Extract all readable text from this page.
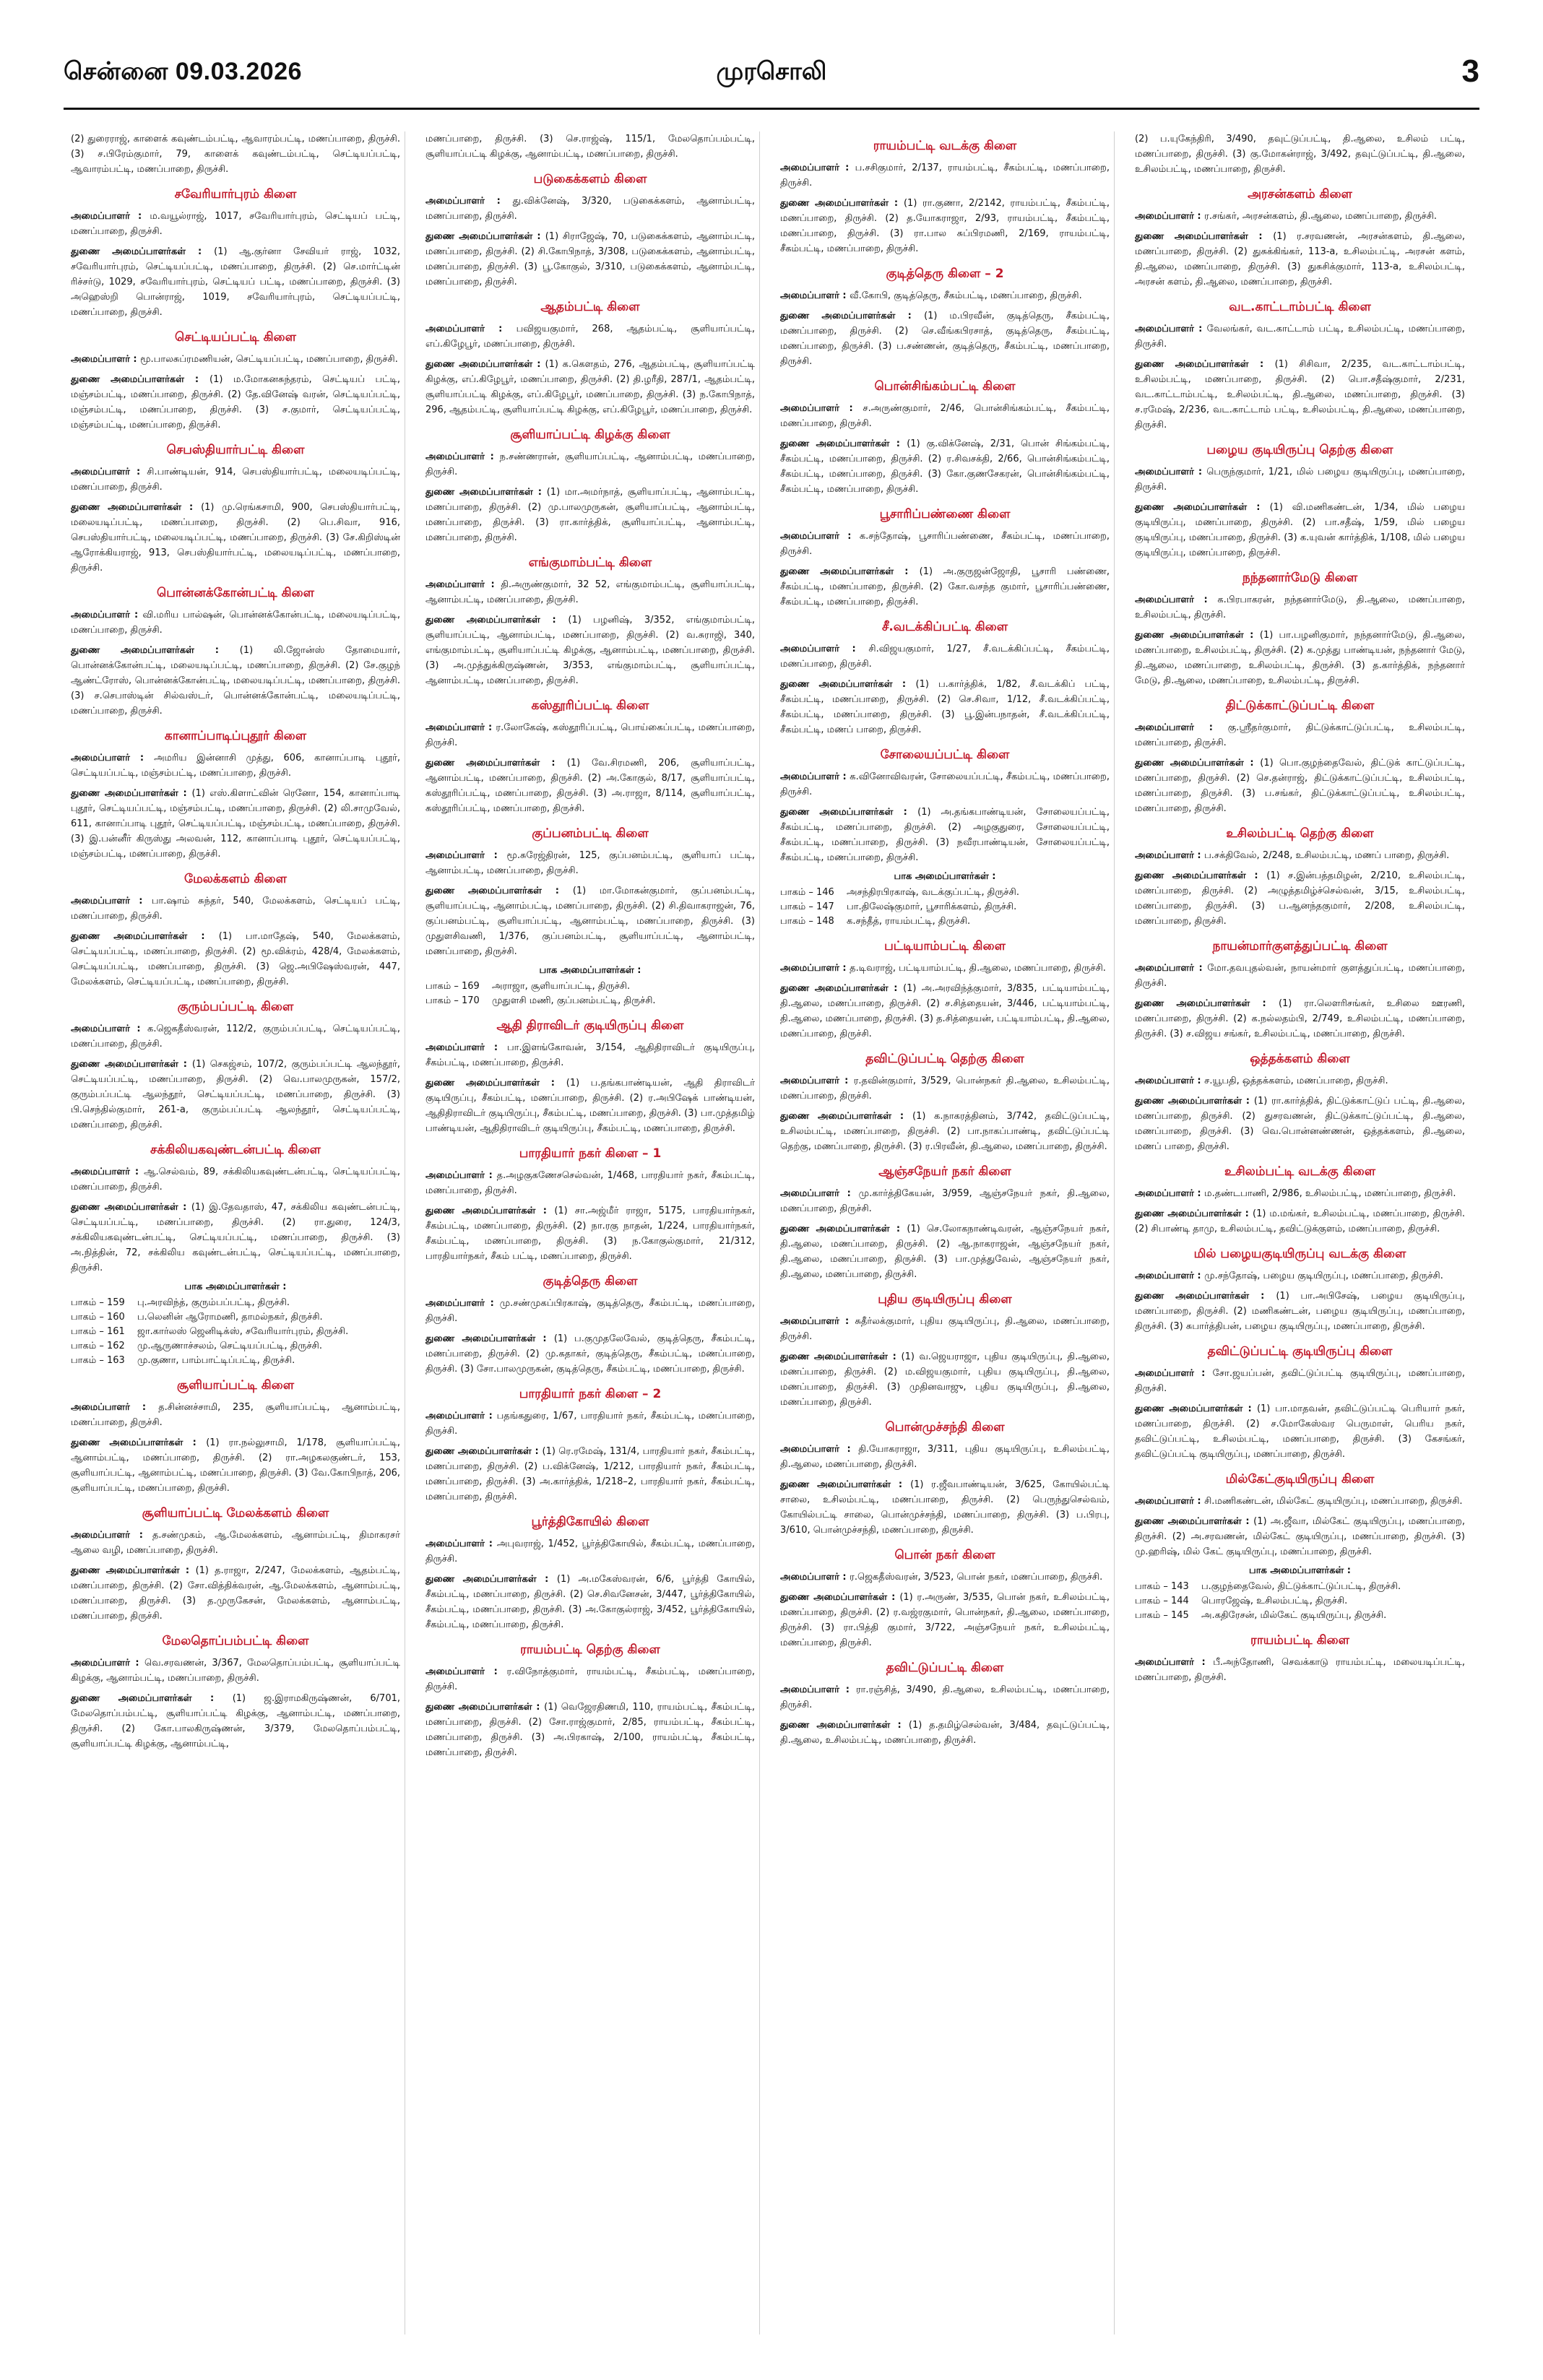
சென்னை 09.03.2026	முரசொலி	3

(2) துரைராஜ், காளைக் கவுண்டம்பட்டி, ஆவாரம்பட்டி, மணப்பாறை, திருச்சி. (3) ச.பிரேம்குமார், 79, காளைக் கவுண்டம்பட்டி, செட்டியப்பட்டி, ஆவாரம்பட்டி, மணப்பாறை, திருச்சி.

சவேரியார்புரம் கிளை

அமைப்பாளர் : ம.வயூல்ராஜ், 1017, சவேரியார்புரம், செட்டியப் பட்டி, மணப்பாறை, திருச்சி.

துணை அமைப்பாளர்கள் : (1) ஆ.குர்னா சேவியர் ராஜ், 1032, சவேரியார்புரம், செட்டியப்பட்டி, மணப்பாறை, திருச்சி. (2) செ.மார்ட்டின் ரிச்சர்டு, 1029, சவேரியார்புரம், செட்டியப் பட்டி, மணப்பாறை, திருச்சி. (3) அஹெஸ்றி பொன்ராஜ், 1019, சவேரியார்புரம், செட்டியப்பட்டி, மணப்பாறை, திருச்சி.

செட்டியப்பட்டி கிளை

அமைப்பாளர் : மூ.பாலசுப்ரமணியன், செட்டியப்பட்டி, மணப்பாறை, திருச்சி.

துணை அமைப்பாளர்கள் : (1) ம.மோகனசுந்தரம், செட்டியப் பட்டி, மஞ்சம்பட்டி, மணப்பாறை, திருச்சி. (2) தே.வினேஷ் வரன், செட்டியப்பட்டி, மஞ்சம்பட்டி, மணப்பாறை, திருச்சி. (3) ச.குமார், செட்டியப்பட்டி, மஞ்சம்பட்டி, மணப்பாறை, திருச்சி.

செபஸ்தியார்பட்டி கிளை

அமைப்பாளர் : சி.பாண்டியன், 914, செபஸ்தியார்பட்டி, மலையடிப்பட்டி, மணப்பாறை, திருச்சி.

துணை அமைப்பாளர்கள் : (1) மு.ரெங்கசாமி, 900, செபஸ்தியார்பட்டி, மலையடிப்பட்டி, மணப்பாறை, திருச்சி. (2) பெ.சிவா, 916, செபஸ்தியார்பட்டி, மலையடிப்பட்டி, மணப்பாறை, திருச்சி. (3) சே.கிறிஸ்டின் ஆரோக்கியராஜ், 913, செபஸ்தியார்பட்டி, மலையடிப்பட்டி, மணப்பாறை, திருச்சி.

பொன்னக்கோன்பட்டி கிளை

அமைப்பாளர் : வி.மரிய பால்ஷன், பொன்னக்கோன்பட்டி, மலையடிப்பட்டி, மணப்பாறை, திருச்சி.

துணை அமைப்பாளர்கள் : (1) லி.ஜோன்ஸ் தோமையார், பொன்னக்கோன்பட்டி, மலையடிப்பட்டி, மணப்பாறை, திருச்சி. (2) சே.குழந் ஆண்ட்ரோஸ், பொன்னக்கோன்பட்டி, மலையடிப்பட்டி, மணப்பாறை, திருச்சி. (3) ச.செபாஸ்டின் சில்வஸ்டர், பொன்னக்கோன்பட்டி, மலையடிப்பட்டி, மணப்பாறை, திருச்சி.

கானாப்பாடிப்புதூர் கிளை

அமைப்பாளர் : அமரிய இன்னாசி முத்து, 606, கானாப்பாடி புதூர், செட்டியப்பட்டி, மஞ்சம்பட்டி, மணப்பாறை, திருச்சி.

துணை அமைப்பாளர்கள் : (1) எஸ்.கிளாட்வின் ரெனோ, 154, கானாப்பாடி புதூர், செட்டியப்பட்டி, மஞ்சம்பட்டி, மணப்பாறை, திருச்சி. (2) லி.சாமுவேல், 611, கானாப்பாடி புதூர், செட்டியப்பட்டி, மஞ்சம்பட்டி, மணப்பாறை, திருச்சி. (3) இ.பன்னீர் கிருஸ்து அலவன், 112, கானாப்பாடி புதூர், செட்டியப்பட்டி, மஞ்சம்பட்டி, மணப்பாறை, திருச்சி.

மேலக்களம் கிளை

அமைப்பாளர் : பா.ஷாம் சுந்தர், 540, மேலக்களம், செட்டியப் பட்டி, மணப்பாறை, திருச்சி.

துணை அமைப்பாளர்கள் : (1) பா.மாதேஷ், 540, மேலக்களம், செட்டியப்பட்டி, மணப்பாறை, திருச்சி. (2) மூ.விக்ரம், 428/4, மேலக்களம், செட்டியப்பட்டி, மணப்பாறை, திருச்சி. (3) ஜெ.அபிஷேஸ்வரன், 447, மேலக்களம், செட்டியப்பட்டி, மணப்பாறை, திருச்சி.

குரும்பப்பட்டி கிளை

அமைப்பாளர் : க.ஜெகதீஸ்வரன், 112/2, குரும்பப்பட்டி, செட்டியப்பட்டி, மணப்பாறை, திருச்சி.

துணை அமைப்பாளர்கள் : (1) செகஜ்சம், 107/2, குரும்பப்பட்டி ஆலந்தூர், செட்டியப்பட்டி, மணப்பாறை, திருச்சி. (2) வெ.பாலமுருகன், 157/2, குரும்பப்பட்டி ஆலந்தூர், செட்டியப்பட்டி, மணப்பாறை, திருச்சி. (3) பி.செந்தில்குமார், 261-a, குரும்பப்பட்டி ஆலந்தூர், செட்டியப்பட்டி, மணப்பாறை, திருச்சி.

சக்கிலியகவுண்டன்பட்டி கிளை

அமைப்பாளர் : ஆ.செல்வம், 89, சக்கிலியகவுண்டன்பட்டி, செட்டியப்பட்டி, மணப்பாறை, திருச்சி.

துணை அமைப்பாளர்கள் : (1) இ.தேவதாஸ், 47, சக்கிலிய கவுண்டன்பட்டி, செட்டியப்பட்டி, மணப்பாறை, திருச்சி. (2) ரா.துரை, 124/3, சக்கிலியகவுண்டன்பட்டி, செட்டியப்பட்டி, மணப்பாறை, திருச்சி. (3) அ.நித்தின், 72, சக்கிலிய கவுண்டன்பட்டி, செட்டியப்பட்டி, மணப்பாறை, திருச்சி.

பாக அமைப்பாளர்கள் :
பாகம் – 159	பு.அரவிந்த், குரும்பப்பட்டி, திருச்சி.
பாகம் – 160	ப.லெனின் ஆரோமணி, தாமல்நகர், திருச்சி.
பாகம் – 161	ஜா.கார்லஸ் ஜெனிடிக்ஸ், சவேரியார்புரம், திருச்சி.
பாகம் – 162	மு.ஆருணாச்சலம், செட்டியப்பட்டி, திருச்சி.
பாகம் – 163	மு.குணா, பாம்பாட்டிப்பட்டி, திருச்சி.
சூளியாப்பட்டி கிளை

அமைப்பாளர் : த.சின்னச்சாமி, 235, சூளியாப்பட்டி, ஆனாம்பட்டி, மணப்பாறை, திருச்சி.

துணை அமைப்பாளர்கள் : (1) ரா.நல்லுசாமி, 1/178, சூளியாப்பட்டி, ஆனாம்பட்டி, மணப்பாறை, திருச்சி. (2) ரா.அழகலகுண்டர், 153, சூளியாப்பட்டி, ஆனாம்பட்டி, மணப்பாறை, திருச்சி. (3) வே.கோபிநாத், 206, சூளியாப்பட்டி, மணப்பாறை, திருச்சி.

சூளியாப்பட்டி மேலக்களம் கிளை

அமைப்பாளர் : த.சண்முகம், ஆ.மேலக்களம், ஆனாம்பட்டி, திமாகரசர் ஆலை வழி, மணப்பாறை, திருச்சி.

துணை அமைப்பாளர்கள் : (1) த.ராஜா, 2/247, மேலக்களம், ஆதம்பட்டி, மணப்பாறை, திருச்சி. (2) சோ.வித்திக்வரன், ஆ.மேலக்களம், ஆனாம்பட்டி, மணப்பாறை, திருச்சி. (3) த.முருகேசன், மேலக்களம், ஆனாம்பட்டி, மணப்பாறை, திருச்சி.

மேலதொப்பம்பட்டி கிளை

அமைப்பாளர் : வெ.சரவணன், 3/367, மேலதொப்பம்பட்டி, சூளியாப்பட்டி கிழக்கு, ஆனாம்பட்டி, மணப்பாறை, திருச்சி.

துணை அமைப்பாளர்கள் : (1) ஜ.இராமகிருஷ்ணன், 6/701, மேலதொப்பம்பட்டி, சூளியாப்பட்டி கிழக்கு, ஆனாம்பட்டி, மணப்பாறை, திருச்சி. (2) கோ.பாலகிருஷ்ணன், 3/379, மேலதொப்பம்பட்டி, சூளியாப்பட்டி கிழக்கு, ஆனாம்பட்டி,

மணப்பாறை, திருச்சி. (3) செ.ராஜ்ஷ், 115/1, மேலதொப்பம்பட்டி, சூளியாப்பட்டி கிழக்கு, ஆனாம்பட்டி, மணப்பாறை, திருச்சி.

படுகைக்களம் கிளை

அமைப்பாளர் : து.விக்னேஷ், 3/320, படுகைக்களம், ஆனாம்பட்டி, மணப்பாறை, திருச்சி.

துணை அமைப்பாளர்கள் : (1) சிராஜேஷ், 70, படுகைக்களம், ஆனாம்பட்டி, மணப்பாறை, திருச்சி. (2) சி.கோபிநாத், 3/308, படுகைக்களம், ஆனாம்பட்டி, மணப்பாறை, திருச்சி. (3) பூ.கோகுல், 3/310, படுகைக்களம், ஆனாம்பட்டி, மணப்பாறை, திருச்சி.

ஆதம்பட்டி கிளை

அமைப்பாளர் : பவிஜயகுமார், 268, ஆதம்பட்டி, சூளியாப்பட்டி, எப்.கிழேபூர், மணப்பாறை, திருச்சி.

துணை அமைப்பாளர்கள் : (1) க.கௌதம், 276, ஆதம்பட்டி, சூளியாப்பட்டி கிழக்கு, எப்.கிழேபூர், மணப்பாறை, திருச்சி. (2) தி.ழரீதி, 287/1, ஆதம்பட்டி, சூளியாப்பட்டி கிழக்கு, எப்.கிழேபூர், மணப்பாறை, திருச்சி. (3) ந.கோபிநாத், 296, ஆதம்பட்டி, சூளியாப்பட்டி கிழக்கு, எப்.கிழேபூர், மணப்பாறை, திருச்சி.

சூளியாப்பட்டி கிழக்கு கிளை

அமைப்பாளர் : ந.சண்ணரான், சூளியாப்பட்டி, ஆனாம்பட்டி, மணப்பாறை, திருச்சி.

துணை அமைப்பாளர்கள் : (1) மா.அமர்நாத், சூளியாப்பட்டி, ஆனாம்பட்டி, மணப்பாறை, திருச்சி. (2) மு.பாலமுருகன், சூளியாப்பட்டி, ஆனாம்பட்டி, மணப்பாறை, திருச்சி. (3) ரா.கார்த்திக், சூளியாப்பட்டி, ஆனாம்பட்டி, மணப்பாறை, திருச்சி.

எங்குமாம்பட்டி கிளை

அமைப்பாளர் : தி.அருண்குமார், 32 52, எங்குமாம்பட்டி, சூளியாப்பட்டி, ஆனாம்பட்டி, மணப்பாறை, திருச்சி.

துணை அமைப்பாளர்கள் : (1) பழனிஷ், 3/352, எங்குமாம்பட்டி, சூளியாப்பட்டி, ஆனாம்பட்டி, மணப்பாறை, திருச்சி. (2) வ.சுராஜி, 340, எங்குமாம்பட்டி, சூளியாப்பட்டி கிழக்கு, ஆனாம்பட்டி, மணப்பாறை, திருச்சி. (3) அ.முத்துக்கிருஷ்ணன், 3/353, எங்குமாம்பட்டி, சூளியாப்பட்டி, ஆனாம்பட்டி, மணப்பாறை, திருச்சி.

கஸ்தூரிப்பட்டி கிளை

அமைப்பாளர் : ர.லோகேஷ், கஸ்தூரிப்பட்டி, பொய்கைப்பட்டி, மணப்பாறை, திருச்சி.

துணை அமைப்பாளர்கள் : (1) வே.சிரமணி, 206, சூளியாப்பட்டி, ஆனாம்பட்டி, மணப்பாறை, திருச்சி. (2) அ.கோகுல், 8/17, சூளியாப்பட்டி, கஸ்தூரிப்பட்டி, மணப்பாறை, திருச்சி. (3) அ.ராஜா, 8/114, சூளியாப்பட்டி, கஸ்தூரிப்பட்டி, மணப்பாறை, திருச்சி.

குப்பனம்பட்டி கிளை

அமைப்பாளர் : மூ.சுரேஜ்திரன், 125, குப்பனம்பட்டி, சூளியாப் பட்டி, ஆனாம்பட்டி, மணப்பாறை, திருச்சி.

துணை அமைப்பாளர்கள் : (1) மா.மோகன்குமார், குப்பனம்பட்டி, சூளியாப்பட்டி, ஆனாம்பட்டி, மணப்பாறை, திருச்சி. (2) சி.திவாகராஜன், 76, குப்பனம்பட்டி, சூளியாப்பட்டி, ஆனாம்பட்டி, மணப்பாறை, திருச்சி. (3) முதுளசிவணி, 1/376, குப்பனம்பட்டி, சூளியாப்பட்டி, ஆனாம்பட்டி, மணப்பாறை, திருச்சி.

பாக அமைப்பாளர்கள் :
பாகம் – 169	அராஜா, சூளியாப்பட்டி, திருச்சி.
பாகம் – 170	முதுளசி மணி, குப்பனம்பட்டி, திருச்சி.
ஆதி திராவிடர் குடியிருப்பு கிளை

அமைப்பாளர் : பா.இளங்கோவன், 3/154, ஆதிதிராவிடர் குடியிருப்பு, சீகம்பட்டி, மணப்பாறை, திருச்சி.

துணை அமைப்பாளர்கள் : (1) ப.தங்கபாண்டியன், ஆதி திராவிடர் குடியிருப்பு, சீகம்பட்டி, மணப்பாறை, திருச்சி. (2) ர.அபிஷேக் பாண்டியன், ஆதிதிராவிடர் குடியிருப்பு, சீகம்பட்டி, மணப்பாறை, திருச்சி. (3) பா.முத்தமிழ் பாண்டியன், ஆதிதிராவிடர் குடியிருப்பு, சீகம்பட்டி, மணப்பாறை, திருச்சி.

பாரதியார் நகர் கிளை – 1

அமைப்பாளர் : த.அழகுகணேசசெல்வன், 1/468, பாரதியார் நகர், சீகம்பட்டி, மணப்பாறை, திருச்சி.

துணை அமைப்பாளர்கள் : (1) சா.அஜ்மீர் ராஜா, 5175, பாரதியார்நகர், சீகம்பட்டி, மணப்பாறை, திருச்சி. (2) நா.ரகு நாதன், 1/224, பாரதியார்நகர், சீகம்பட்டி, மணப்பாறை, திருச்சி. (3) ந.கோகுல்குமார், 21/312, பாரதியார்நகர், சீகம் பட்டி, மணப்பாறை, திருச்சி.

குடித்தெரு கிளை

அமைப்பாளர் : மு.சண்முகப்பிரகாஷ், குடித்தெரு, சீகம்பட்டி, மணப்பாறை, திருச்சி.

துணை அமைப்பாளர்கள் : (1) ப.குமுதலேவேல், குடித்தெரு, சீகம்பட்டி, மணப்பாறை, திருச்சி. (2) மு.கதாகர், குடித்தெரு, சீகம்பட்டி, மணப்பாறை, திருச்சி. (3) சோ.பாலமுருகன், குடித்தெரு, சீகம்பட்டி, மணப்பாறை, திருச்சி.

பாரதியார் நகர் கிளை – 2

அமைப்பாளர் : பதங்கதுரை, 1/67, பாரதியார் நகர், சீகம்பட்டி, மணப்பாறை, திருச்சி.

துணை அமைப்பாளர்கள் : (1) ரெ.ரமேஷ், 131/4, பாரதியார் நகர், சீகம்பட்டி, மணப்பாறை, திருச்சி. (2) ப.விக்னேஷ், 1/212, பாரதியார் நகர், சீகம்பட்டி, மணப்பாறை, திருச்சி. (3) அ.கார்த்திக், 1/218–2, பாரதியார் நகர், சீகம்பட்டி, மணப்பாறை, திருச்சி.

பூர்த்திகோயில் கிளை

அமைப்பாளர் : அபுவராஜ், 1/452, பூர்த்திகோயில், சீகம்பட்டி, மணப்பாறை, திருச்சி.

துணை அமைப்பாளர்கள் : (1) அ.மகேஸ்வரன், 6/6, பூர்த்தி கோயில், சீகம்பட்டி, மணப்பாறை, திருச்சி. (2) செ.சிவனேசன், 3/447, பூர்த்திகோயில், சீகம்பட்டி, மணப்பாறை, திருச்சி. (3) அ.கோகுல்ராஜ், 3/452, பூர்த்திகோயில், சீகம்பட்டி, மணப்பாறை, திருச்சி.

ராயம்பட்டி தெற்கு கிளை

அமைப்பாளர் : ர.விநோத்குமார், ராயம்பட்டி, சீகம்பட்டி, மணப்பாறை, திருச்சி.

துணை அமைப்பாளர்கள் : (1) வெஜேரதிணமி, 110, ராயம்பட்டி, சீகம்பட்டி, மணப்பாறை, திருச்சி. (2) சோ.ராஜ்குமார், 2/85, ராயம்பட்டி, சீகம்பட்டி, மணப்பாறை, திருச்சி. (3) அ.பிரகாஷ், 2/100, ராயம்பட்டி, சீகம்பட்டி, மணப்பாறை, திருச்சி.

ராயம்பட்டி வடக்கு கிளை

அமைப்பாளர் : ப.சசிகுமார், 2/137, ராயம்பட்டி, சீகம்பட்டி, மணப்பாறை, திருச்சி.

துணை அமைப்பாளர்கள் : (1) ரா.குணா, 2/2142, ராயம்பட்டி, சீகம்பட்டி, மணப்பாறை, திருச்சி. (2) த.யோகராஜா, 2/93, ராயம்பட்டி, சீகம்பட்டி, மணப்பாறை, திருச்சி. (3) ரா.பால சுப்பிரமணி, 2/169, ராயம்பட்டி, சீகம்பட்டி, மணப்பாறை, திருச்சி.

குடித்தெரு கிளை – 2

அமைப்பாளர் : வீ.கோபி, குடித்தெரு, சீகம்பட்டி, மணப்பாறை, திருச்சி.

துணை அமைப்பாளர்கள் : (1) ம.பிரவீன், குடித்தெரு, சீகம்பட்டி, மணப்பாறை, திருச்சி. (2) செ.வீங்கபிரசாத், குடித்தெரு, சீகம்பட்டி, மணப்பாறை, திருச்சி. (3) ப.சண்ணன், குடித்தெரு, சீகம்பட்டி, மணப்பாறை, திருச்சி.

பொன்சிங்கம்பட்டி கிளை

அமைப்பாளர் : ச.அருண்குமார், 2/46, பொன்சிங்கம்பட்டி, சீகம்பட்டி, மணப்பாறை, திருச்சி.

துணை அமைப்பாளர்கள் : (1) கு.விக்னேஷ், 2/31, பொன் சிங்கம்பட்டி, சீகம்பட்டி, மணப்பாறை, திருச்சி. (2) ர.சிவசக்தி, 2/66, பொன்சிங்கம்பட்டி, சீகம்பட்டி, மணப்பாறை, திருச்சி. (3) கோ.குணசேகரன், பொன்சிங்கம்பட்டி, சீகம்பட்டி, மணப்பாறை, திருச்சி.

பூசாரிப்பண்ணை கிளை

அமைப்பாளர் : க.சந்தோஷ், பூசாரிப்பண்ணை, சீகம்பட்டி, மணப்பாறை, திருச்சி.

துணை அமைப்பாளர்கள் : (1) அ.குருஜன்ஜோதி, பூசாரி பண்ணை, சீகம்பட்டி, மணப்பாறை, திருச்சி. (2) கோ.வசந்த குமார், பூசாரிப்பண்ணை, சீகம்பட்டி, மணப்பாறை, திருச்சி.

சீ.வடக்கிப்பட்டி கிளை

அமைப்பாளர் : சி.விஜயகுமார், 1/27, சீ.வடக்கிப்பட்டி, சீகம்பட்டி, மணப்பாறை, திருச்சி.

துணை அமைப்பாளர்கள் : (1) ப.கார்த்திக், 1/82, சீ.வடக்கிப் பட்டி, சீகம்பட்டி, மணப்பாறை, திருச்சி. (2) செ.சிவா, 1/12, சீ.வடக்கிப்பட்டி, சீகம்பட்டி, மணப்பாறை, திருச்சி. (3) பூ.இன்பநாதன், சீ.வடக்கிப்பட்டி, சீகம்பட்டி, மணப் பாறை, திருச்சி.

சோலையப்பட்டி கிளை

அமைப்பாளர் : க.வினோவிவரன், சோலையப்பட்டி, சீகம்பட்டி, மணப்பாறை, திருச்சி.

துணை அமைப்பாளர்கள் : (1) அ.தங்கபாண்டியன், சோலையப்பட்டி, சீகம்பட்டி, மணப்பாறை, திருச்சி. (2) அழகுதுரை, சோலையப்பட்டி, சீகம்பட்டி, மணப்பாறை, திருச்சி. (3) நவீரபாண்டியன், சோலையப்பட்டி, சீகம்பட்டி, மணப்பாறை, திருச்சி.

பாக அமைப்பாளர்கள் :
பாகம் – 146	அசந்திரபிரகாஷ், வடக்குப்பட்டி, திருச்சி.
பாகம் – 147	பா.திலேஷ்குமார், பூசாரிக்களம், திருச்சி.
பாகம் – 148	க.சந்தீத், ராயம்பட்டி, திருச்சி.
பட்டியாம்பட்டி கிளை

அமைப்பாளர் : த.டிவராஜ், பட்டியாம்பட்டி, தி.ஆலை, மணப்பாறை, திருச்சி.

துணை அமைப்பாளர்கள் : (1) அ.அரவிந்த்குமார், 3/835, பட்டியாம்பட்டி, தி.ஆலை, மணப்பாறை, திருச்சி. (2) ச.சித்தையன், 3/446, பட்டியாம்பட்டி, தி.ஆலை, மணப்பாறை, திருச்சி. (3) த.சித்தையன், பட்டியாம்பட்டி, தி.ஆலை, மணப்பாறை, திருச்சி.

தவிட்டுப்பட்டி தெற்கு கிளை

அமைப்பாளர் : ர.தவின்குமார், 3/529, பொன்நகர் தி.ஆலை, உசிலம்பட்டி, மணப்பாறை, திருச்சி.

துணை அமைப்பாளர்கள் : (1) க.நாகரத்தினம், 3/742, தவிட்டுப்பட்டி, உசிலம்பட்டி, மணப்பாறை, திருச்சி. (2) பா.நாகப்பாண்டி, தவிட்டுப்பட்டி தெற்கு, மணப்பாறை, திருச்சி. (3) ர.பிரவீன், தி.ஆலை, மணப்பாறை, திருச்சி.

ஆஞ்சநேயர் நகர் கிளை

அமைப்பாளர் : மு.கார்த்திகேயன், 3/959, ஆஞ்சநேயர் நகர், தி.ஆலை, மணப்பாறை, திருச்சி.

துணை அமைப்பாளர்கள் : (1) செ.லோகநாண்டிவரன், ஆஞ்சநேயர் நகர், தி.ஆலை, மணப்பாறை, திருச்சி. (2) ஆ.நாகராஜன், ஆஞ்சநேயர் நகர், தி.ஆலை, மணப்பாறை, திருச்சி. (3) பா.முத்துவேல், ஆஞ்சநேயர் நகர், தி.ஆலை, மணப்பாறை, திருச்சி.

புதிய குடியிருப்பு கிளை

அமைப்பாளர் : சுதீர்லக்குமார், புதிய குடியிருப்பு, தி.ஆலை, மணப்பாறை, திருச்சி.

துணை அமைப்பாளர்கள் : (1) வ.ஜெயராஜா, புதிய குடியிருப்பு, தி.ஆலை, மணப்பாறை, திருச்சி. (2) ம.விஜயகுமார், புதிய குடியிருப்பு, தி.ஆலை, மணப்பாறை, திருச்சி. (3) முதினவாஜு, புதிய குடியிருப்பு, தி.ஆலை, மணப்பாறை, திருச்சி.

பொன்முச்சந்தி கிளை

அமைப்பாளர் : தி.யோகராஜா, 3/311, புதிய குடியிருப்பு, உசிலம்பட்டி, தி.ஆலை, மணப்பாறை, திருச்சி.

துணை அமைப்பாளர்கள் : (1) ர.ஜீவபாண்டியன், 3/625, கோயில்பட்டி சாலை, உசிலம்பட்டி, மணப்பாறை, திருச்சி. (2) பெருந்துசெல்வம், கோயில்பட்டி சாலை, பொன்முச்சந்தி, மணப்பாறை, திருச்சி. (3) ப.பிரபு, 3/610, பொன்முச்சந்தி, மணப்பாறை, திருச்சி.

பொன் நகர் கிளை

அமைப்பாளர் : ர.ஜெகதீஸ்வரன், 3/523, பொன் நகர், மணப்பாறை, திருச்சி.

துணை அமைப்பாளர்கள் : (1) ர.அருண், 3/535, பொன் நகர், உசிலம்பட்டி, மணப்பாறை, திருச்சி. (2) ர.வஜ்ரகுமார், பொன்நகர், தி.ஆலை, மணப்பாறை, திருச்சி. (3) ரா.பித்தி குமார், 3/722, அஞ்சநேயர் நகர், உசிலம்பட்டி, மணப்பாறை, திருச்சி.

தவிட்டுப்பட்டி கிளை

அமைப்பாளர் : ரா.ரஞ்சித், 3/490, தி.ஆலை, உசிலம்பட்டி, மணப்பாறை, திருச்சி.

துணை அமைப்பாளர்கள் : (1) த.தமிழ்செல்வன், 3/484, தவுட்டுப்பட்டி, தி.ஆலை, உசிலம்பட்டி, மணப்பாறை, திருச்சி.

(2) ப.யுகேந்திரி, 3/490, தவுட்டுப்பட்டி, தி.ஆலை, உசிலம் பட்டி, மணப்பாறை, திருச்சி. (3) கு.மோகன்ராஜ், 3/492, தவுட்டுப்பட்டி, தி.ஆலை, உசிலம்பட்டி, மணப்பாறை, திருச்சி.

அரசன்களம் கிளை

அமைப்பாளர் : ர.சங்கர், அரசன்களம், தி.ஆலை, மணப்பாறை, திருச்சி.

துணை அமைப்பாளர்கள் : (1) ர.சரவணன், அரசன்களம், தி.ஆலை, மணப்பாறை, திருச்சி. (2) துசுக்கிங்கர், 113-a, உசிலம்பட்டி, அரசன் களம், தி.ஆலை, மணப்பாறை, திருச்சி. (3) துசுசிக்குமார், 113-a, உசிலம்பட்டி, அரசன் களம், தி.ஆலை, மணப்பாறை, திருச்சி.

வட.காட்டாம்பட்டி கிளை

அமைப்பாளர் : வேலங்கர், வட.காட்டாம் பட்டி, உசிலம்பட்டி, மணப்பாறை, திருச்சி.

துணை அமைப்பாளர்கள் : (1) சிசிவா, 2/235, வட.காட்டாம்பட்டி, உசிலம்பட்டி, மணப்பாறை, திருச்சி. (2) பொ.சதீஷ்குமார், 2/231, வட.காட்டாம்பட்டி, உசிலம்பட்டி, தி.ஆலை, மணப்பாறை, திருச்சி. (3) ச.ரமேஷ், 2/236, வட.காட்டாம் பட்டி, உசிலம்பட்டி, தி.ஆலை, மணப்பாறை, திருச்சி.

பழைய குடியிருப்பு தெற்கு கிளை

அமைப்பாளர் : பெருந்குமார், 1/21, மில் பழைய குடியிருப்பு, மணப்பாறை, திருச்சி.

துணை அமைப்பாளர்கள் : (1) வி.மணிகண்டன், 1/34, மில் பழைய குடியிருப்பு, மணப்பாறை, திருச்சி. (2) பா.சதீஷ், 1/59, மில் பழைய குடியிருப்பு, மணப்பாறை, திருச்சி. (3) க.யுவன் கார்த்திக், 1/108, மில் பழைய குடியிருப்பு, மணப்பாறை, திருச்சி.

நந்தனார்மேடு கிளை

அமைப்பாளர் : க.பிரபாகரன், நந்தனார்மேடு, தி.ஆலை, மணப்பாறை, உசிலம்பட்டி, திருச்சி.

துணை அமைப்பாளர்கள் : (1) பா.பழனிகுமார், நந்தனார்மேடு, தி.ஆலை, மணப்பாறை, உசிலம்பட்டி, திருச்சி. (2) க.முத்து பாண்டியன், நந்தனார் மேடு, தி.ஆலை, மணப்பாறை, உசிலம்பட்டி, திருச்சி. (3) த.கார்த்திக், நந்தனார் மேடு, தி.ஆலை, மணப்பாறை, உசிலம்பட்டி, திருச்சி.

திட்டுக்காட்டுப்பட்டி கிளை

அமைப்பாளர் : கு.ஸ்ரீதர்குமார், திட்டுக்காட்டுப்பட்டி, உசிலம்பட்டி, மணப்பாறை, திருச்சி.

துணை அமைப்பாளர்கள் : (1) பொ.குழந்தைவேல், திட்டுக் காட்டுப்பட்டி, மணப்பாறை, திருச்சி. (2) செ.தன்ராஜ், திட்டுக்காட்டுப்பட்டி, உசிலம்பட்டி, மணப்பாறை, திருச்சி. (3) ப.சங்கர், திட்டுக்காட்டுப்பட்டி, உசிலம்பட்டி, மணப்பாறை, திருச்சி.

உசிலம்பட்டி தெற்கு கிளை

அமைப்பாளர் : ப.சக்திவேல், 2/248, உசிலம்பட்டி, மணப் பாறை, திருச்சி.

துணை அமைப்பாளர்கள் : (1) ச.இன்பத்தமிழன், 2/210, உசிலம்பட்டி, மணப்பாறை, திருச்சி. (2) அழுத்தமிழ்ச்செல்வன், 3/15, உசிலம்பட்டி, மணப்பாறை, திருச்சி. (3) ப.ஆனந்தகுமார், 2/208, உசிலம்பட்டி, மணப்பாறை, திருச்சி.

நாயன்மார்குளத்துப்பட்டி கிளை

அமைப்பாளர் : மோ.தவபுதல்வன், நாயன்மார் குளத்துப்பட்டி, மணப்பாறை, திருச்சி.

துணை அமைப்பாளர்கள் : (1) ரா.லௌரிசங்கர், உசிலை ஊரணி, மணப்பாறை, திருச்சி. (2) க.நல்லதம்பி, 2/749, உசிலம்பட்டி, மணப்பாறை, திருச்சி. (3) ச.விஜய சங்கர், உசிலம்பட்டி, மணப்பாறை, திருச்சி.

ஒத்தக்களம் கிளை

அமைப்பாளர் : ச.யூபதி, ஒத்தக்களம், மணப்பாறை, திருச்சி.

துணை அமைப்பாளர்கள் : (1) ரா.கார்த்திக், திட்டுக்காட்டுப் பட்டி, தி.ஆலை, மணப்பாறை, திருச்சி. (2) துசரவணன், திட்டுக்காட்டுப்பட்டி, தி.ஆலை, மணப்பாறை, திருச்சி. (3) வெ.பொன்னண்ணன், ஒத்தக்களம், தி.ஆலை, மணப் பாறை, திருச்சி.

உசிலம்பட்டி வடக்கு கிளை

அமைப்பாளர் : ம.தண்டபாணி, 2/986, உசிலம்பட்டி, மணப்பாறை, திருச்சி.

துணை அமைப்பாளர்கள் : (1) ம.மங்கர், உசிலம்பட்டி, மணப்பாறை, திருச்சி. (2) சிபாண்டி தாமு, உசிலம்பட்டி, தவிட்டுக்குளம், மணப்பாறை, திருச்சி.

மில் பழையகுடியிருப்பு வடக்கு கிளை

அமைப்பாளர் : மு.சந்தோஷ், பழைய குடியிருப்பு, மணப்பாறை, திருச்சி.

துணை அமைப்பாளர்கள் : (1) பா.அபிசேஷ், பழைய குடியிருப்பு, மணப்பாறை, திருச்சி. (2) மணிகண்டன், பழைய குடியிருப்பு, மணப்பாறை, திருச்சி. (3) சுபார்த்திபன், பழைய குடியிருப்பு, மணப்பாறை, திருச்சி.

தவிட்டுப்பட்டி குடியிருப்பு கிளை

அமைப்பாளர் : சோ.ஜயப்பன், தவிட்டுப்பட்டி குடியிருப்பு, மணப்பாறை, திருச்சி.

துணை அமைப்பாளர்கள் : (1) பா.மாதவன், தவிட்டுப்பட்டி பெரியார் நகர், மணப்பாறை, திருச்சி. (2) ச.மோகேஸ்வர பெருமாள், பெரிய நகர், தவிட்டுப்பட்டி, உசிலம்பட்டி, மணப்பாறை, திருச்சி. (3) கேசங்கர், தவிட்டுப்பட்டி குடியிருப்பு, மணப்பாறை, திருச்சி.

மில்கேட்குடியிருப்பு கிளை

அமைப்பாளர் : சி.மணிகண்டன், மில்கேட் குடியிருப்பு, மணப்பாறை, திருச்சி.

துணை அமைப்பாளர்கள் : (1) அ.ஜீவா, மில்கேட் குடியிருப்பு, மணப்பாறை, திருச்சி. (2) அ.சரவணன், மில்கேட் குடியிருப்பு, மணப்பாறை, திருச்சி. (3) மு.ஹரிஷ், மில் கேட் குடியிருப்பு, மணப்பாறை, திருச்சி.

பாக அமைப்பாளர்கள் :
பாகம் – 143	ப.குழந்தைவேல், திட்டுக்காட்டுப்பட்டி, திருச்சி.
பாகம் – 144	பொரஜேஷ், உசிலம்பட்டி, திருச்சி.
பாகம் – 145	அ.கதிரேசன், மில்கேட் குடியிருப்பு, திருச்சி.
ராயம்பட்டி கிளை

அமைப்பாளர் : பீ.அந்தோணி, செவக்காடு ராயம்பட்டி, மலையடிப்பட்டி, மணப்பாறை, திருச்சி.
